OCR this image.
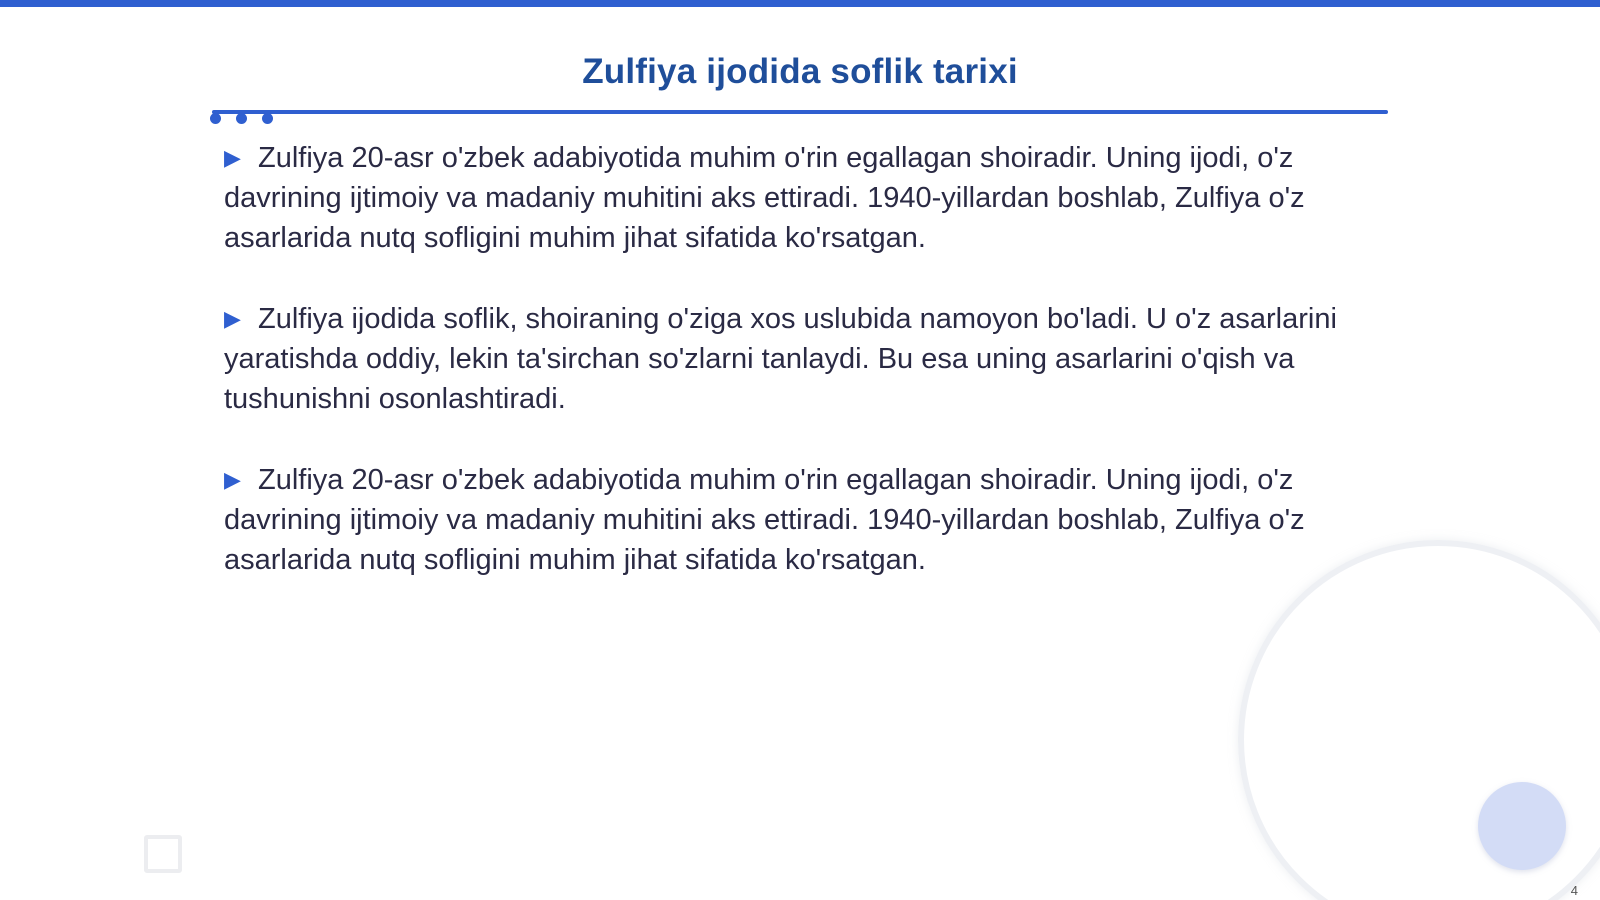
Zulfiya ijodida soflik tarixi

▶ Zulfiya 20-asr o'zbek adabiyotida muhim o'rin egallagan shoiradir. Uning ijodi, o'z davrining ijtimoiy va madaniy muhitini aks ettiradi. 1940-yillardan boshlab, Zulfiya o'z asarlarida nutq sofligini muhim jihat sifatida ko'rsatgan.

▶ Zulfiya ijodida soflik, shoiraning o'ziga xos uslubida namoyon bo'ladi. U o'z asarlarini yaratishda oddiy, lekin ta'sirchan so'zlarni tanlaydi. Bu esa uning asarlarini o'qish va tushunishni osonlashtiradi.

▶ Zulfiya 20-asr o'zbek adabiyotida muhim o'rin egallagan shoiradir. Uning ijodi, o'z davrining ijtimoiy va madaniy muhitini aks ettiradi. 1940-yillardan boshlab, Zulfiya o'z asarlarida nutq sofligini muhim jihat sifatida ko'rsatgan.

4
